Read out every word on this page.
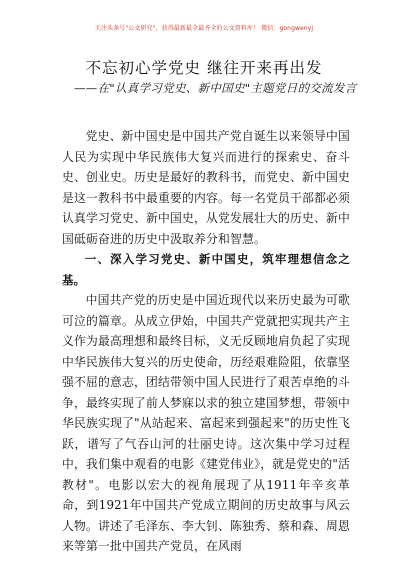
关注头条号"公文研究"，获得最新最全最齐全的公文资料库！ 微信：gongwenyj
不忘初心学党史 继往开来再出发
——在"认真学习党史、新中国史"主题党日的交流发言

党史、新中国史是中国共产党自诞生以来领导中国人民为实现中华民族伟大复兴而进行的探索史、奋斗史、创业史。历史是最好的教科书，而党史、新中国史是这一教科书中最重要的内容。每一名党员干部都必须认真学习党史、新中国史，从党发展壮大的历史、新中国砥砺奋进的历史中汲取养分和智慧。

一、深入学习党史、新中国史，筑牢理想信念之基。

中国共产党的历史是中国近现代以来历史最为可歌可泣的篇章。从成立伊始，中国共产党就把实现共产主义作为最高理想和最终目标，义无反顾地肩负起了实现中华民族伟大复兴的历史使命，历经艰难险阻，依靠坚强不屈的意志，团结带领中国人民进行了艰苦卓绝的斗争，最终实现了前人梦寐以求的独立建国梦想，带领中华民族实现了"从站起来、富起来到强起来"的历史性飞跃，谱写了气吞山河的壮丽史诗。这次集中学习过程中，我们集中观看的电影《建党伟业》，就是党史的"活教材"。电影以宏大的视角展现了从1911年辛亥革命，到1921年中国共产党成立期间的历史故事与风云人物。讲述了毛泽东、李大钊、陈独秀、蔡和森、周恩来等第一批中国共产党员，在风雨
